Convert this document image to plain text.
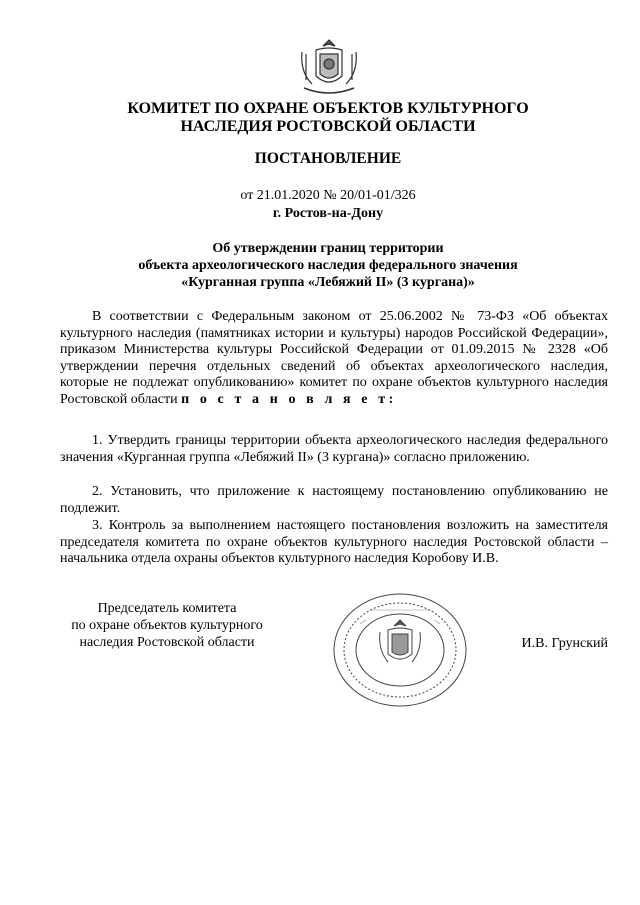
КОМИТЕТ ПО ОХРАНЕ ОБЪЕКТОВ КУЛЬТУРНОГО
НАСЛЕДИЯ РОСТОВСКОЙ ОБЛАСТИ
ПОСТАНОВЛЕНИЕ
от 21.01.2020 № 20/01-01/326
г. Ростов-на-Дону
Об утверждении границ территории
объекта археологического наследия федерального значения
«Курганная группа «Лебяжий II» (3 кургана)»
В соответствии с Федеральным законом от 25.06.2002 № 73-ФЗ «Об объектах культурного наследия (памятниках истории и культуры) народов Российской Федерации», приказом Министерства культуры Российской Федерации от 01.09.2015 № 2328 «Об утверждении перечня отдельных сведений об объектах археологического наследия, которые не подлежат опубликованию» комитет по охране объектов культурного наследия Ростовской области п о с т а н о в л я е т:
1. Утвердить границы территории объекта археологического наследия федерального значения «Курганная группа «Лебяжий II» (3 кургана)» согласно приложению.
2. Установить, что приложение к настоящему постановлению опубликованию не подлежит.
3. Контроль за выполнением настоящего постановления возложить на заместителя председателя комитета по охране объектов культурного наследия Ростовской области – начальника отдела охраны объектов культурного наследия Коробову И.В.
Председатель комитета
по охране объектов культурного
наследия Ростовской области	И.В. Грунский
